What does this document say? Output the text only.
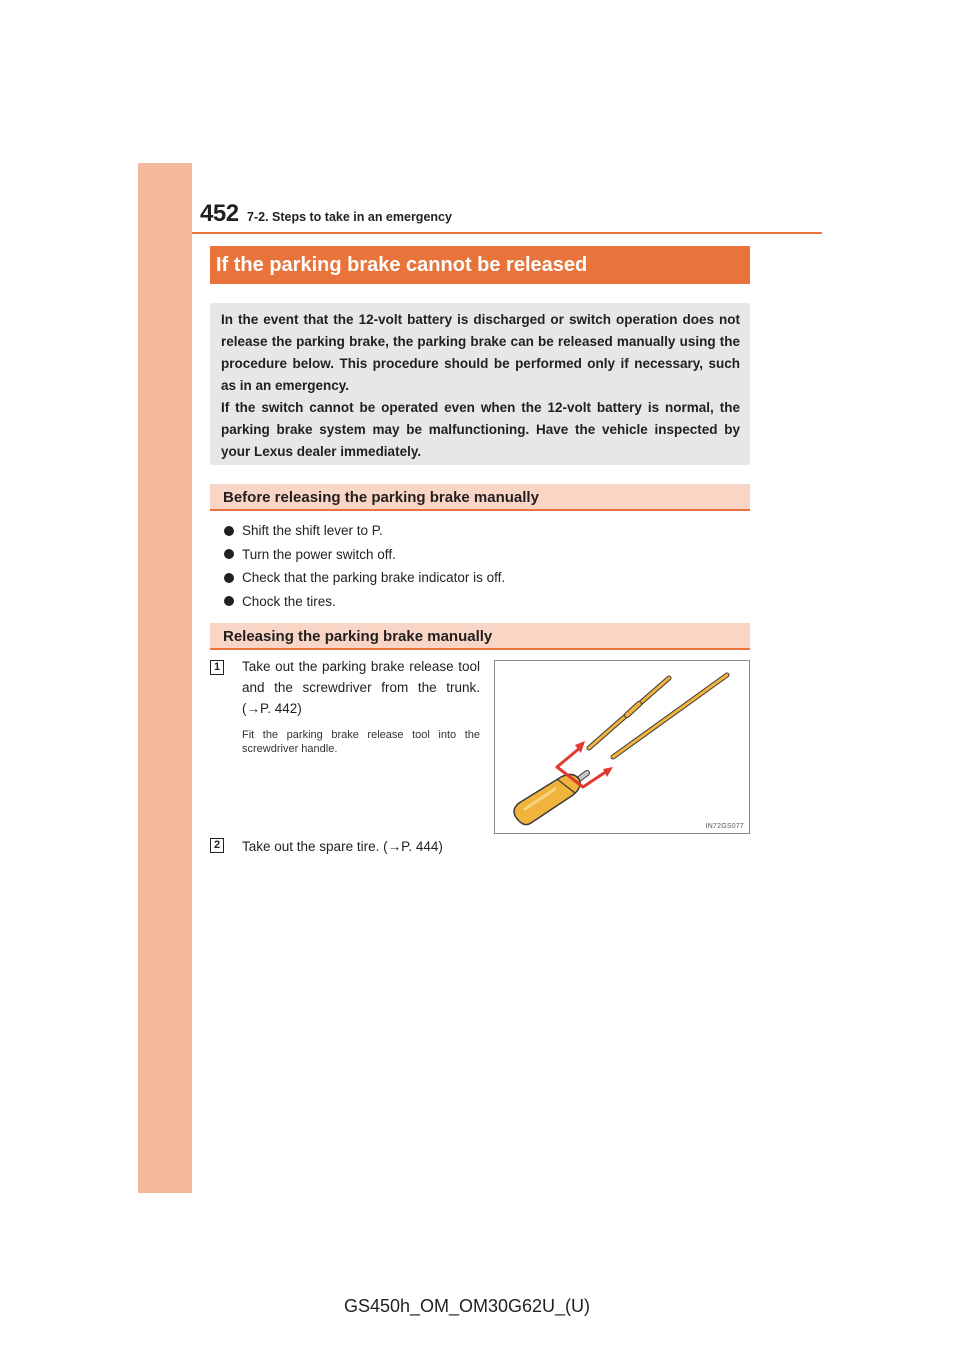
452 7-2. Steps to take in an emergency
If the parking brake cannot be released

In the event that the 12-volt battery is discharged or switch operation does not release the parking brake, the parking brake can be released manually using the procedure below. This procedure should be performed only if necessary, such as in an emergency.

If the switch cannot be operated even when the 12-volt battery is normal, the parking brake system may be malfunctioning. Have the vehicle inspected by your Lexus dealer immediately.

Before releasing the parking brake manually
Shift the shift lever to P.
Turn the power switch off.
Check that the parking brake indicator is off.
Chock the tires.
Releasing the parking brake manually
1 Take out the parking brake release tool and the screwdriver from the trunk. (→P. 442)
Fit the parking brake release tool into the screwdriver handle.
IN72GS077
2 Take out the spare tire. (→P. 444)
GS450h_OM_OM30G62U_(U)
